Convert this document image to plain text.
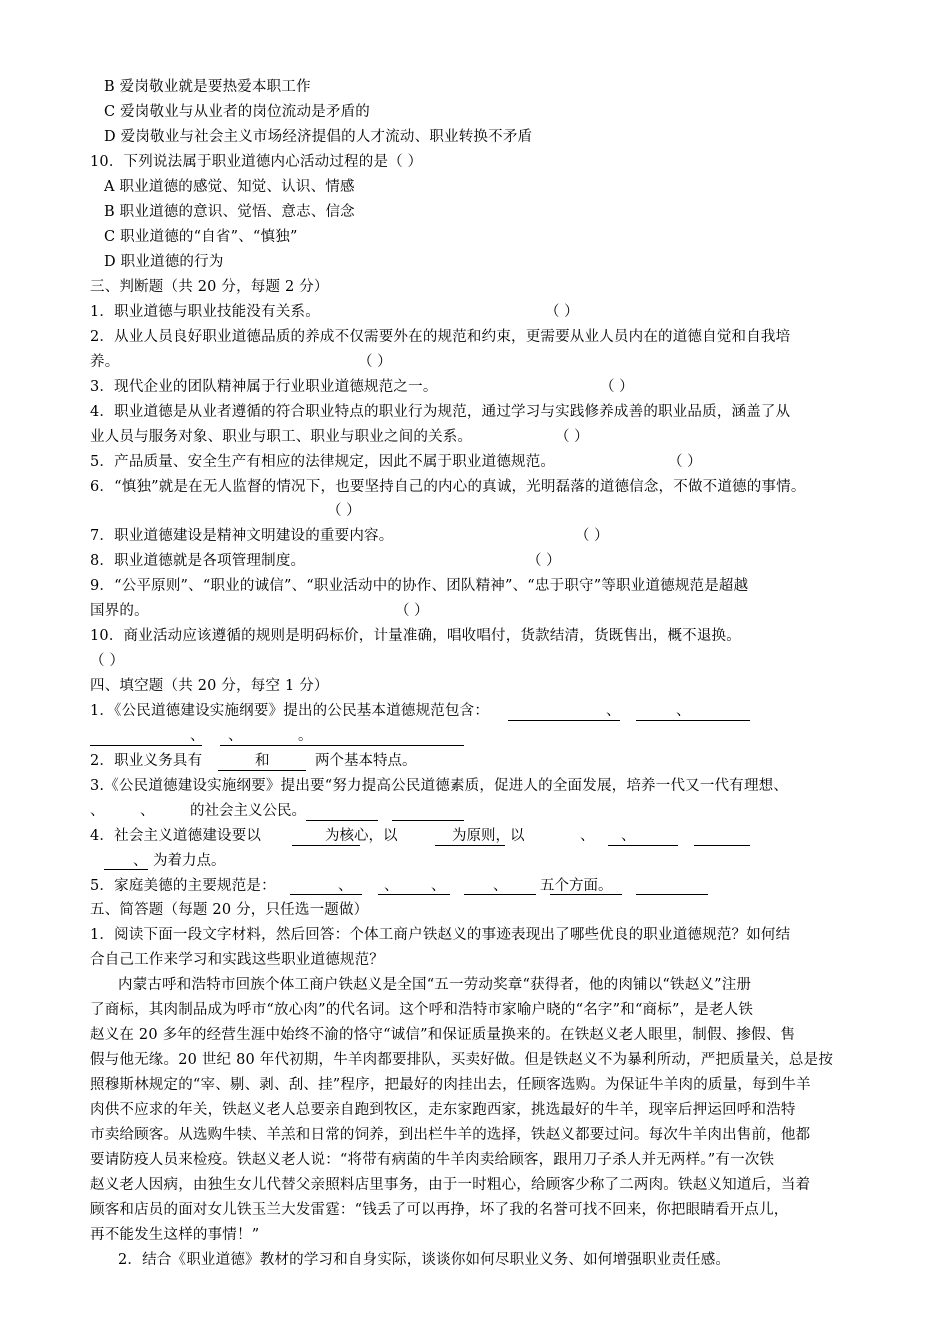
B 爱岗敬业就是要热爱本职工作
C 爱岗敬业与从业者的岗位流动是矛盾的
D 爱岗敬业与社会主义市场经济提倡的人才流动、职业转换不矛盾
10．下列说法属于职业道德内心活动过程的是（ ）
A 职业道德的感觉、知觉、认识、情感
B 职业道德的意识、觉悟、意志、信念
C 职业道德的“自省”、“慎独”
D 职业道德的行为
三、判断题（共 20 分，每题 2 分）
1．职业道德与职业技能没有关系。	（ ）
2．从业人员良好职业道德品质的养成不仅需要外在的规范和约束，更需要从业人员内在的道德自觉和自我培
养。	（ ）
3．现代企业的团队精神属于行业职业道德规范之一。	（ ）
4．职业道德是从业者遵循的符合职业特点的职业行为规范，通过学习与实践修养成善的职业品质，涵盖了从
业人员与服务对象、职业与职工、职业与职业之间的关系。	（ ）
5．产品质量、安全生产有相应的法律规定，因此不属于职业道德规范。	（ ）
6．“慎独”就是在无人监督的情况下，也要坚持自己的内心的真诚，光明磊落的道德信念，不做不道德的事情。
（ ）
7．职业道德建设是精神文明建设的重要内容。	（ ）
8．职业道德就是各项管理制度。	（ ）
9．“公平原则”、“职业的诚信”、“职业活动中的协作、团队精神”、“忠于职守”等职业道德规范是超越
国界的。	（ ）
10．商业活动应该遵循的规则是明码标价，计量准确，唱收唱付，货款结清，货既售出，概不退换。
（ ）
四、填空题（共 20 分，每空 1 分）
1．《公民道德建设实施纲要》提出的公民基本道德规范包含：	、	、
、 、	。
2．职业义务具有	和	两个基本特点。
3.《公民道德建设实施纲要》提出要“努力提高公民道德素质，促进人的全面发展，培养一代又一代有理想、
、 、 的社会主义公民。
4．社会主义道德建设要以	为核心，以	为原则，以	、 、
、 为着力点。
5．家庭美德的主要规范是：	、 、 、	、 五个方面。
五、简答题（每题 20 分，只任选一题做）
1．阅读下面一段文字材料，然后回答：个体工商户铁赵义的事迹表现出了哪些优良的职业道德规范？如何结
合自己工作来学习和实践这些职业道德规范？
内蒙古呼和浩特市回族个体工商户铁赵义是全国“五一劳动奖章“获得者，他的肉铺以“铁赵义”注册
了商标，其肉制品成为呼市“放心肉”的代名词。这个呼和浩特市家喻户晓的“名字”和“商标”，是老人铁
赵义在 20 多年的经营生涯中始终不渝的恪守“诚信”和保证质量换来的。在铁赵义老人眼里，制假、掺假、售
假与他无缘。20 世纪 80 年代初期，牛羊肉都要排队，买卖好做。但是铁赵义不为暴利所动，严把质量关，总是按
照穆斯林规定的“宰、剔、剥、刮、挂”程序，把最好的肉挂出去，任顾客选购。为保证牛羊肉的质量，每到牛羊
肉供不应求的年关，铁赵义老人总要亲自跑到牧区，走东家跑西家，挑选最好的牛羊，现宰后押运回呼和浩特
市卖给顾客。从选购牛犊、羊羔和日常的饲养，到出栏牛羊的选择，铁赵义都要过问。每次牛羊肉出售前，他都
要请防疫人员来检疫。铁赵义老人说：“将带有病菌的牛羊肉卖给顾客，跟用刀子杀人并无两样。”有一次铁
赵义老人因病，由独生女儿代替父亲照料店里事务，由于一时粗心，给顾客少称了二两肉。铁赵义知道后，当着
顾客和店员的面对女儿铁玉兰大发雷霆：“钱丢了可以再挣，坏了我的名誉可找不回来，你把眼睛看开点儿，
再不能发生这样的事情！”
2．结合《职业道德》教材的学习和自身实际，谈谈你如何尽职业义务、如何增强职业责任感。
